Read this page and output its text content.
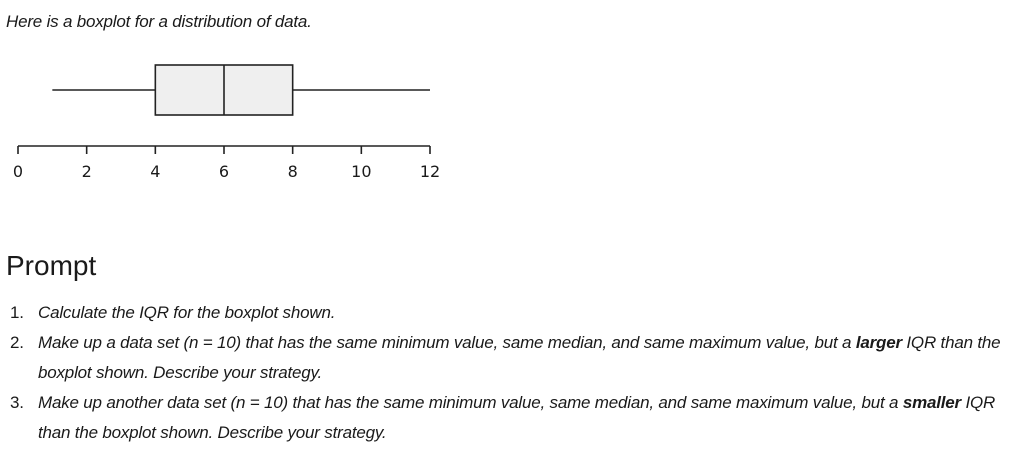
Here is a boxplot for a distribution of data.
0	2	4	6	8	10	12
Prompt
1. Calculate the IQR for the boxplot shown.
2. Make up a data set (n = 10) that has the same minimum value, same median, and same maximum value, but a larger IQR than the boxplot shown. Describe your strategy.
3. Make up another data set (n = 10) that has the same minimum value, same median, and same maximum value, but a smaller IQR than the boxplot shown. Describe your strategy.
